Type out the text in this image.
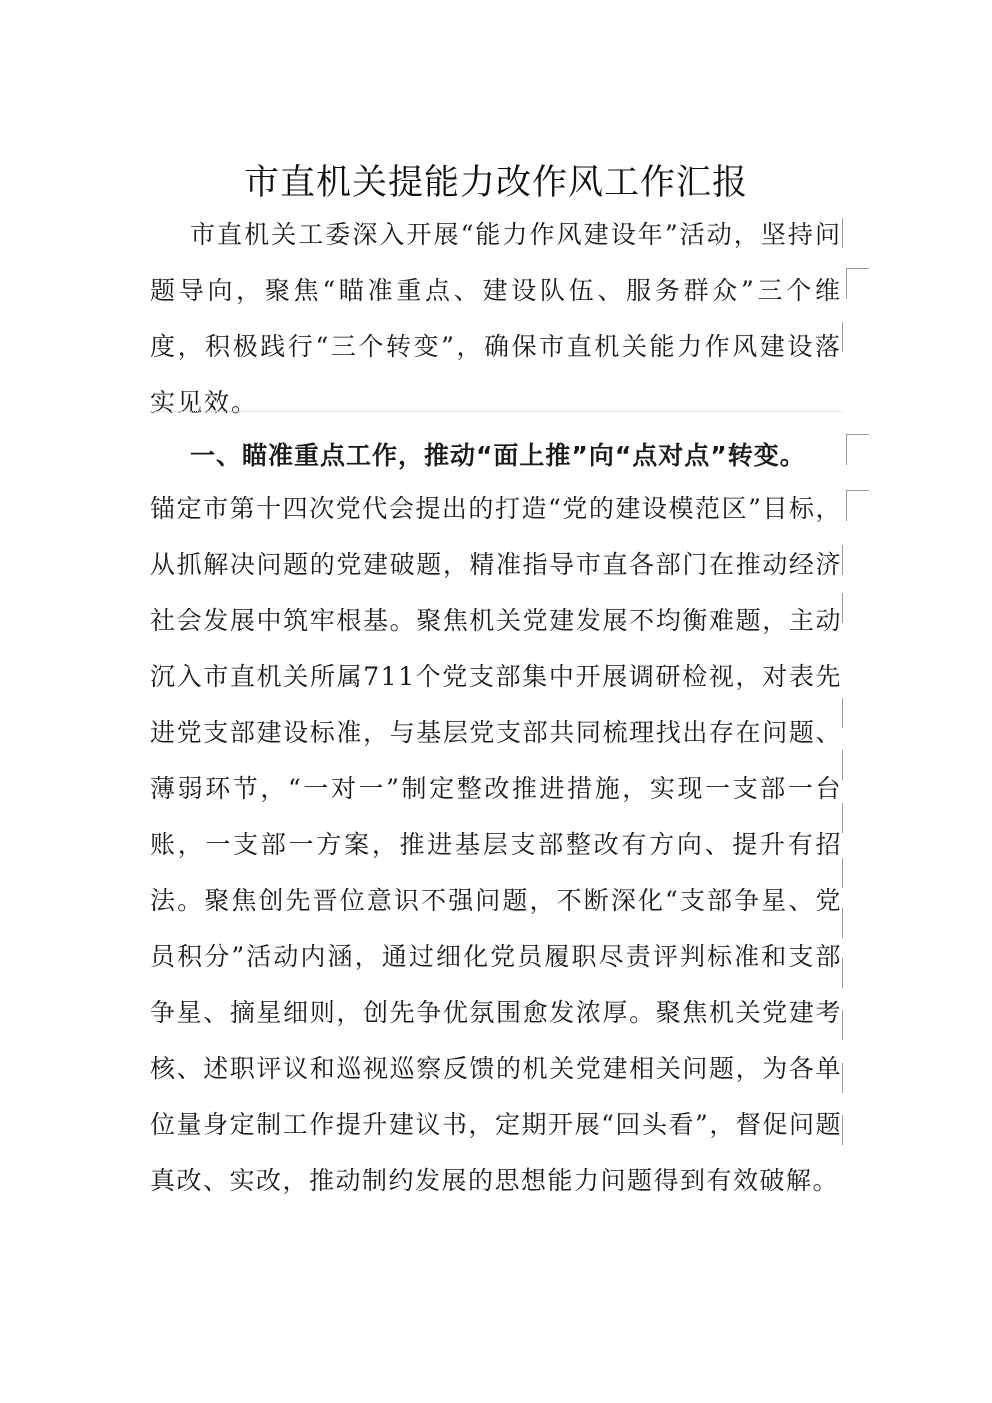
市直机关提能力改作风工作汇报

市直机关工委深入开展“能力作风建设年”活动，坚持问题导向，聚焦“瞄准重点、建设队伍、服务群众”三个维度，积极践行“三个转变”，确保市直机关能力作风建设落实见效。

一、瞄准重点工作，推动“面上推”向“点对点”转变。

锚定市第十四次党代会提出的打造“党的建设模范区”目标，从抓解决问题的党建破题，精准指导市直各部门在推动经济社会发展中筑牢根基。聚焦机关党建发展不均衡难题，主动沉入市直机关所属711个党支部集中开展调研检视，对表先进党支部建设标准，与基层党支部共同梳理找出存在问题、薄弱环节，“一对一”制定整改推进措施，实现一支部一台账，一支部一方案，推进基层支部整改有方向、提升有招法。聚焦创先晋位意识不强问题，不断深化“支部争星、党员积分”活动内涵，通过细化党员履职尽责评判标准和支部争星、摘星细则，创先争优氛围愈发浓厚。聚焦机关党建考核、述职评议和巡视巡察反馈的机关党建相关问题，为各单位量身定制工作提升建议书，定期开展“回头看”，督促问题真改、实改，推动制约发展的思想能力问题得到有效破解。
